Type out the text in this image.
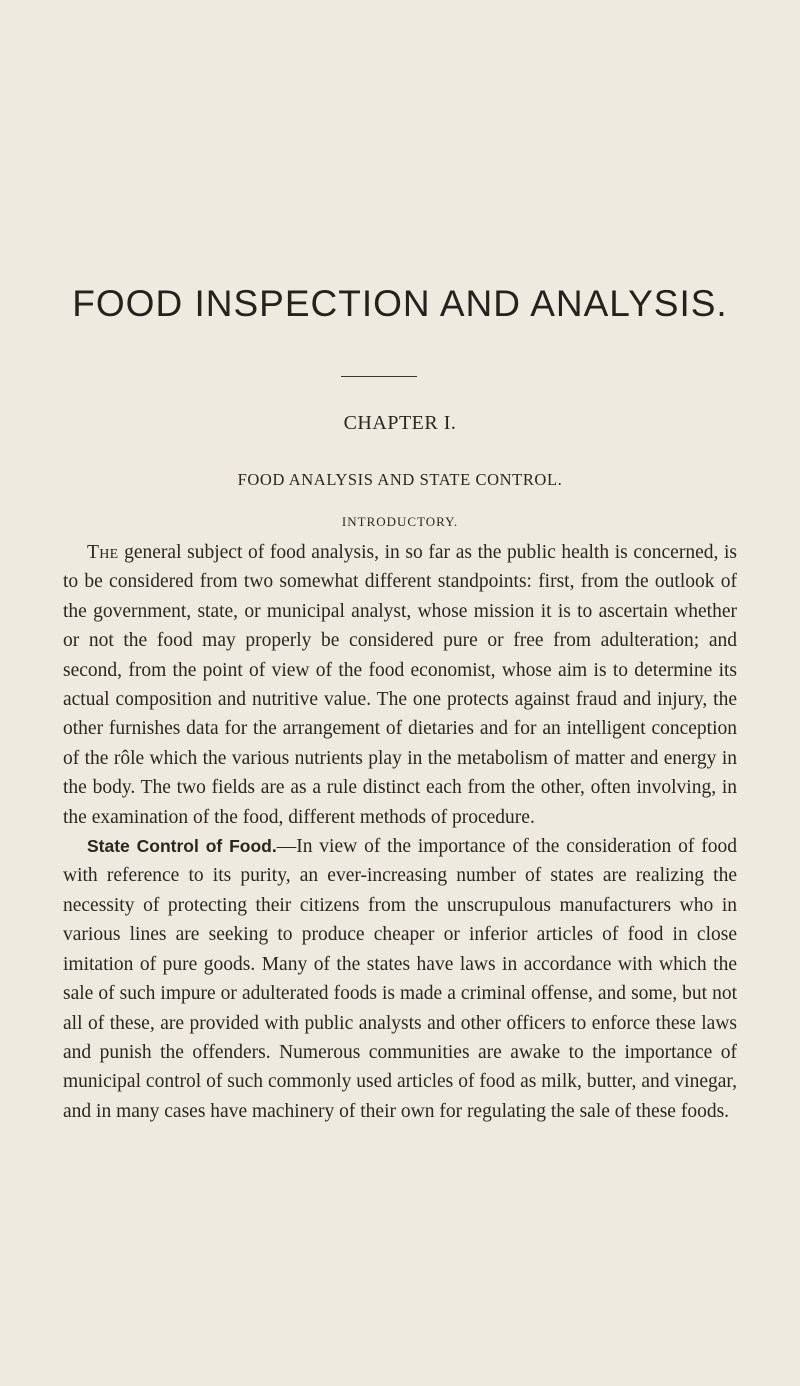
FOOD INSPECTION AND ANALYSIS.
CHAPTER I.
FOOD ANALYSIS AND STATE CONTROL.
INTRODUCTORY.

The general subject of food analysis, in so far as the public health is concerned, is to be considered from two somewhat different standpoints: first, from the outlook of the government, state, or municipal analyst, whose mission it is to ascertain whether or not the food may properly be considered pure or free from adulteration; and second, from the point of view of the food economist, whose aim is to determine its actual composition and nutritive value. The one protects against fraud and injury, the other furnishes data for the arrangement of dietaries and for an intelligent conception of the rôle which the various nutrients play in the metabolism of matter and energy in the body. The two fields are as a rule distinct each from the other, often involving, in the examination of the food, different methods of procedure.

State Control of Food.—In view of the importance of the consideration of food with reference to its purity, an ever-increasing number of states are realizing the necessity of protecting their citizens from the unscrupulous manufacturers who in various lines are seeking to produce cheaper or inferior articles of food in close imitation of pure goods. Many of the states have laws in accordance with which the sale of such impure or adulterated foods is made a criminal offense, and some, but not all of these, are provided with public analysts and other officers to enforce these laws and punish the offenders. Numerous communities are awake to the importance of municipal control of such commonly used articles of food as milk, butter, and vinegar, and in many cases have machinery of their own for regulating the sale of these foods.
